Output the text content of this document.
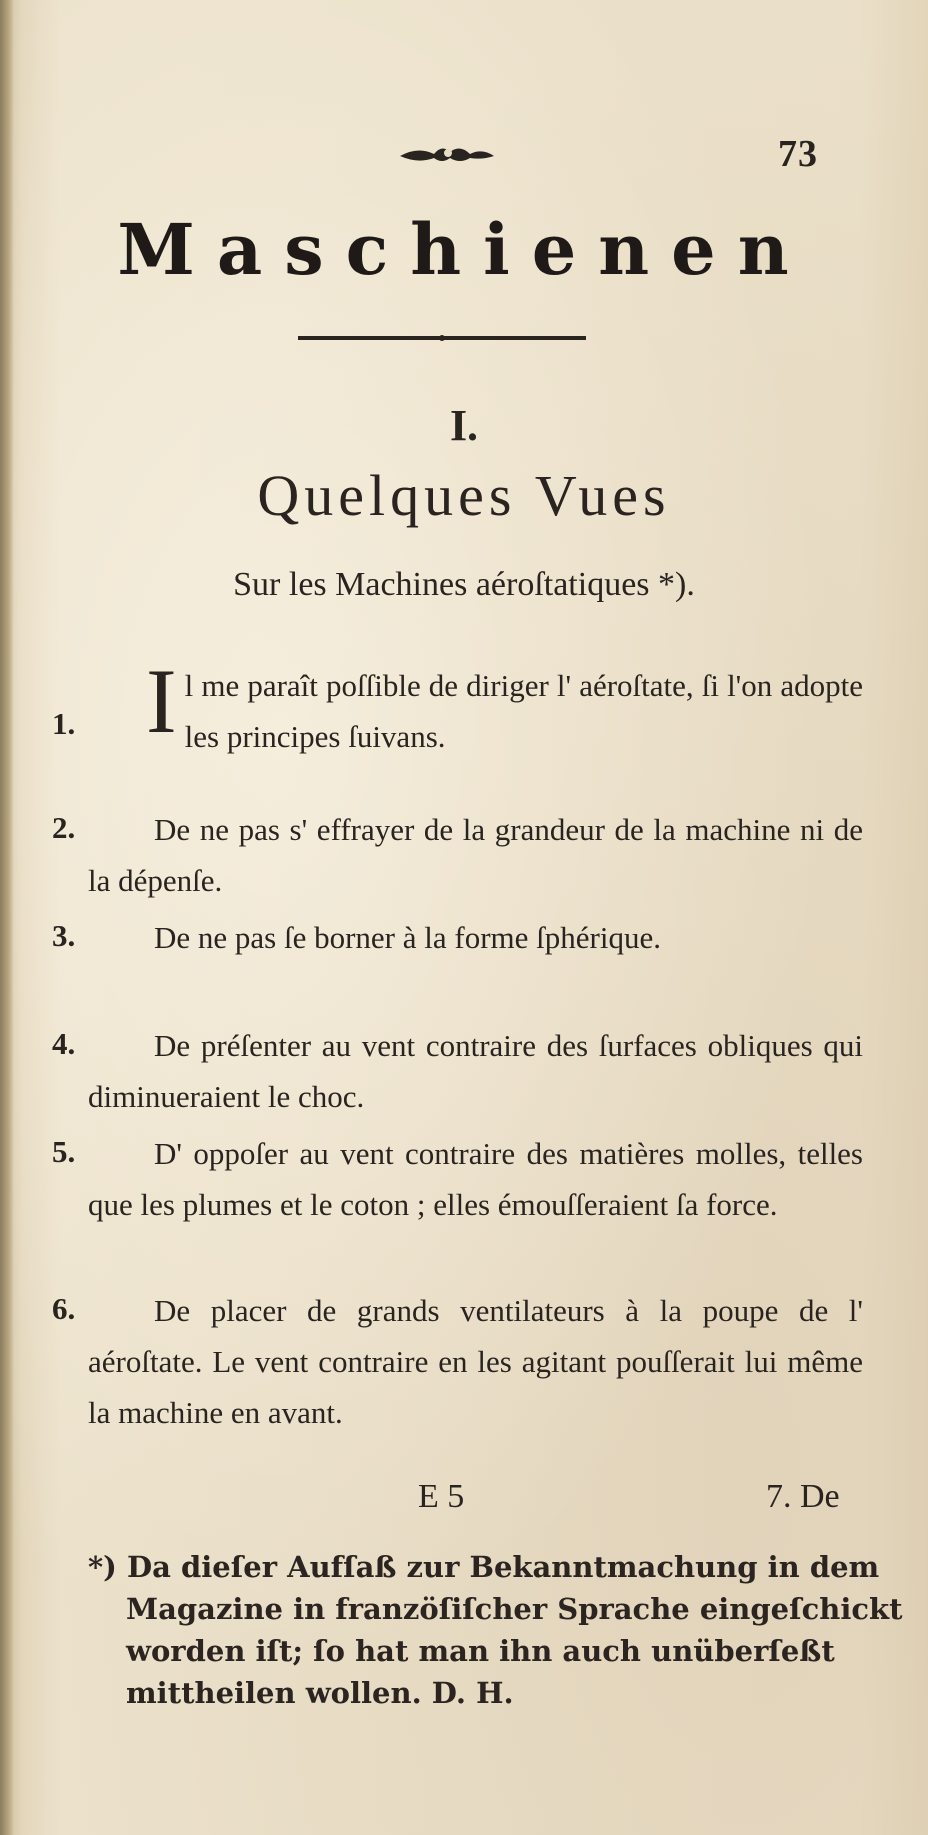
73
Maschienen
I.
Quelques Vues
Sur les Machines aéroſtatiques *).
1. Il me paraît poſſible de diriger l' aéroſtate, ſi l'on adopte les principes ſuivans.
2.	De ne pas s' effrayer de la grandeur de la machine ni de la dépenſe.
3.	De ne pas ſe borner à la forme ſphérique.
4.	De préſenter au vent contraire des ſurfaces obliques qui diminueraient le choc.
5.	D' oppoſer au vent contraire des matières molles, telles que les plumes et le coton ; elles émouſſeraient ſa force.
6.	De placer de grands ventilateurs à la poupe de l' aéroſtate. Le vent contraire en les agitant pouſſerait lui même la machine en avant.
E 5	7. De
*) Da dieſer Aufſaß zur Bekanntmachung in dem Magazine in franzöſiſcher Sprache eingeſchickt worden iſt; ſo hat man ihn auch unüberſeßt mittheilen wollen. D. H.
